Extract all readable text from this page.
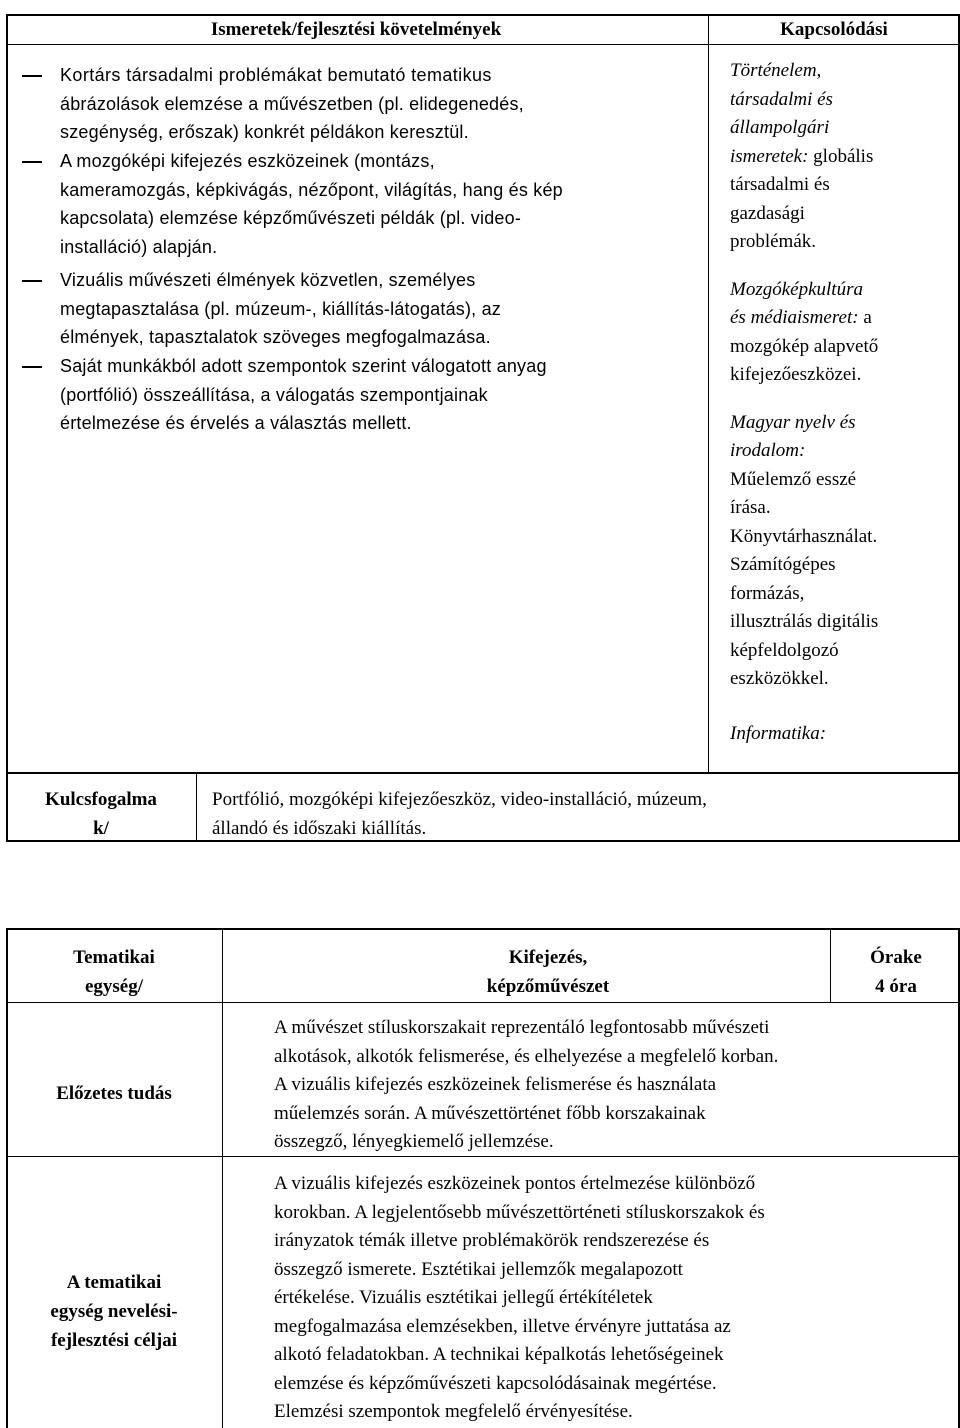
Ismeretek/fejlesztési követelmények	Kapcsolódási
Kortárs társadalmi problémákat bemutató tematikus
ábrázolások elemzése a művészetben (pl. elidegenedés,
szegénység, erőszak) konkrét példákon keresztül.
A mozgóképi kifejezés eszközeinek (montázs,
kameramozgás, képkivágás, nézőpont, világítás, hang és kép
kapcsolata) elemzése képzőművészeti példák (pl. video-
installáció) alapján.
Vizuális művészeti élmények közvetlen, személyes
megtapasztalása (pl. múzeum-, kiállítás-látogatás), az
élmények, tapasztalatok szöveges megfogalmazása.
Saját munkákból adott szempontok szerint válogatott anyag
(portfólió) összeállítása, a válogatás szempontjainak
értelmezése és érvelés a választás mellett.
Történelem,
társadalmi és
állampolgári
ismeretek: globális
társadalmi és
gazdasági
problémák.
Mozgóképkultúra
és médiaismeret: a
mozgókép alapvető
kifejezőeszközei.
Magyar nyelv és
irodalom:
Műelemző esszé
írása.
Könyvtárhasználat.
Számítógépes
formázás,
illusztrálás digitális
képfeldolgozó
eszközökkel.
Informatika:
Kulcsfogalma
k/
Portfólió, mozgóképi kifejezőeszköz, video-installáció, múzeum,
állandó és időszaki kiállítás.
Tematikai
egység/
Kifejezés,
képzőművészet
Órake
4 óra
Előzetes tudás
A művészet stíluskorszakait reprezentáló legfontosabb művészeti
alkotások, alkotók felismerése, és elhelyezése a megfelelő korban.
A vizuális kifejezés eszközeinek felismerése és használata
műelemzés során. A művészettörténet főbb korszakainak
összegző, lényegkiemelő jellemzése.
A tematikai
egység nevelési-
fejlesztési céljai
A vizuális kifejezés eszközeinek pontos értelmezése különböző
korokban. A legjelentősebb művészettörténeti stíluskorszakok és
irányzatok témák illetve problémakörök rendszerezése és
összegző ismerete. Esztétikai jellemzők megalapozott
értékelése. Vizuális esztétikai jellegű értékítéletek
megfogalmazása elemzésekben, illetve érvényre juttatása az
alkotó feladatokban. A technikai képalkotás lehetőségeinek
elemzése és képzőművészeti kapcsolódásainak megértése.
Elemzési szempontok megfelelő érvényesítése.
